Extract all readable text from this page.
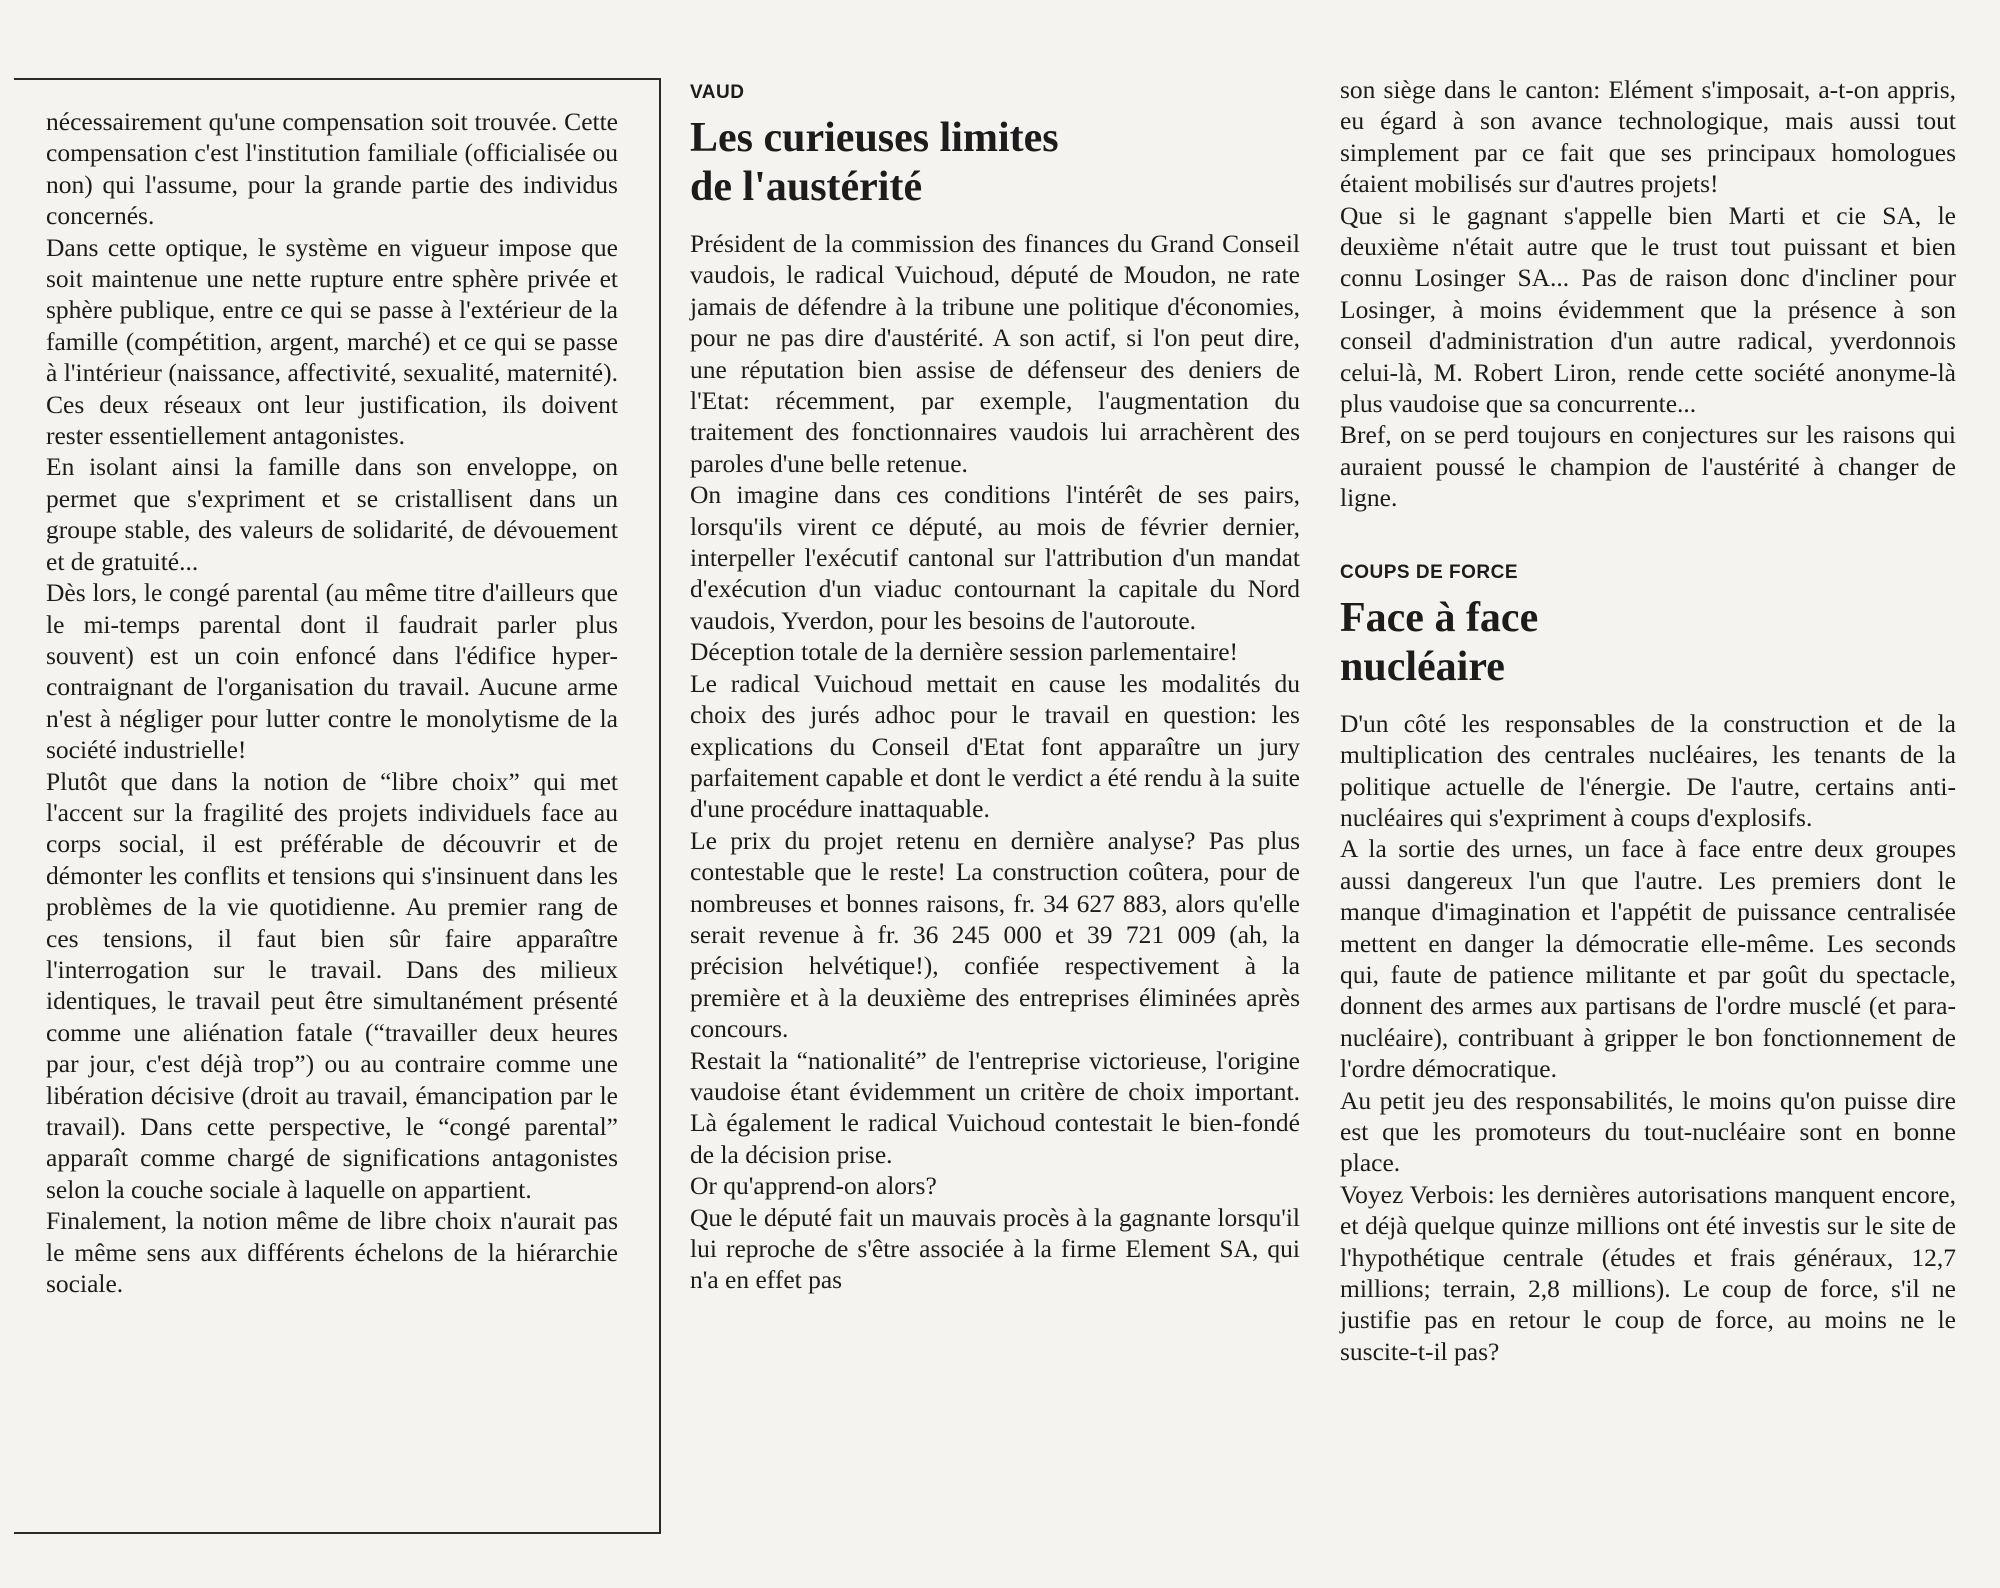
nécessairement qu'une compensation soit trouvée. Cette compensation c'est l'institution familiale (officialisée ou non) qui l'assume, pour la grande partie des individus concernés.

Dans cette optique, le système en vigueur impose que soit maintenue une nette rupture entre sphère privée et sphère publique, entre ce qui se passe à l'extérieur de la famille (compétition, argent, marché) et ce qui se passe à l'intérieur (naissance, affectivité, sexualité, maternité). Ces deux réseaux ont leur justification, ils doivent rester essentiellement antagonistes.

En isolant ainsi la famille dans son enveloppe, on permet que s'expriment et se cristallisent dans un groupe stable, des valeurs de solidarité, de dévouement et de gratuité...

Dès lors, le congé parental (au même titre d'ailleurs que le mi-temps parental dont il faudrait parler plus souvent) est un coin enfoncé dans l'édifice hyper-contraignant de l'organisation du travail. Aucune arme n'est à négliger pour lutter contre le monolytisme de la société industrielle!

Plutôt que dans la notion de “libre choix” qui met l'accent sur la fragilité des projets individuels face au corps social, il est préférable de découvrir et de démonter les conflits et tensions qui s'insinuent dans les problèmes de la vie quotidienne. Au premier rang de ces tensions, il faut bien sûr faire apparaître l'interrogation sur le travail. Dans des milieux identiques, le travail peut être simultanément présenté comme une aliénation fatale (“travailler deux heures par jour, c'est déjà trop”) ou au contraire comme une libération décisive (droit au travail, émancipation par le travail). Dans cette perspective, le “congé parental” apparaît comme chargé de significations antagonistes selon la couche sociale à laquelle on appartient.

Finalement, la notion même de libre choix n'aurait pas le même sens aux différents échelons de la hiérarchie sociale.

VAUD
Les curieuses limites
de l'austérité

Président de la commission des finances du Grand Conseil vaudois, le radical Vuichoud, député de Moudon, ne rate jamais de défendre à la tribune une politique d'économies, pour ne pas dire d'austérité. A son actif, si l'on peut dire, une réputation bien assise de défenseur des deniers de l'Etat: récemment, par exemple, l'augmentation du traitement des fonctionnaires vaudois lui arrachèrent des paroles d'une belle retenue.

On imagine dans ces conditions l'intérêt de ses pairs, lorsqu'ils virent ce député, au mois de février dernier, interpeller l'exécutif cantonal sur l'attribution d'un mandat d'exécution d'un viaduc contournant la capitale du Nord vaudois, Yverdon, pour les besoins de l'autoroute.

Déception totale de la dernière session parlementaire!

Le radical Vuichoud mettait en cause les modalités du choix des jurés adhoc pour le travail en question: les explications du Conseil d'Etat font apparaître un jury parfaitement capable et dont le verdict a été rendu à la suite d'une procédure inattaquable.

Le prix du projet retenu en dernière analyse? Pas plus contestable que le reste! La construction coûtera, pour de nombreuses et bonnes raisons, fr. 34 627 883, alors qu'elle serait revenue à fr. 36 245 000 et 39 721 009 (ah, la précision helvétique!), confiée respectivement à la première et à la deuxième des entreprises éliminées après concours.

Restait la “nationalité” de l'entreprise victorieuse, l'origine vaudoise étant évidemment un critère de choix important. Là également le radical Vuichoud contestait le bien-fondé de la décision prise.

Or qu'apprend-on alors?

Que le député fait un mauvais procès à la gagnante lorsqu'il lui reproche de s'être associée à la firme Element SA, qui n'a en effet pas

son siège dans le canton: Elément s'imposait, a-t-on appris, eu égard à son avance technologique, mais aussi tout simplement par ce fait que ses principaux homologues étaient mobilisés sur d'autres projets!

Que si le gagnant s'appelle bien Marti et cie SA, le deuxième n'était autre que le trust tout puissant et bien connu Losinger SA... Pas de raison donc d'incliner pour Losinger, à moins évidemment que la présence à son conseil d'administration d'un autre radical, yverdonnois celui-là, M. Robert Liron, rende cette société anonyme-là plus vaudoise que sa concurrente...

Bref, on se perd toujours en conjectures sur les raisons qui auraient poussé le champion de l'austérité à changer de ligne.

COUPS DE FORCE
Face à face
nucléaire

D'un côté les responsables de la construction et de la multiplication des centrales nucléaires, les tenants de la politique actuelle de l'énergie. De l'autre, certains anti-nucléaires qui s'expriment à coups d'explosifs.

A la sortie des urnes, un face à face entre deux groupes aussi dangereux l'un que l'autre. Les premiers dont le manque d'imagination et l'appétit de puissance centralisée mettent en danger la démocratie elle-même. Les seconds qui, faute de patience militante et par goût du spectacle, donnent des armes aux partisans de l'ordre musclé (et para-nucléaire), contribuant à gripper le bon fonctionnement de l'ordre démocratique.

Au petit jeu des responsabilités, le moins qu'on puisse dire est que les promoteurs du tout-nucléaire sont en bonne place.

Voyez Verbois: les dernières autorisations manquent encore, et déjà quelque quinze millions ont été investis sur le site de l'hypothétique centrale (études et frais généraux, 12,7 millions; terrain, 2,8 millions). Le coup de force, s'il ne justifie pas en retour le coup de force, au moins ne le suscite-t-il pas?
